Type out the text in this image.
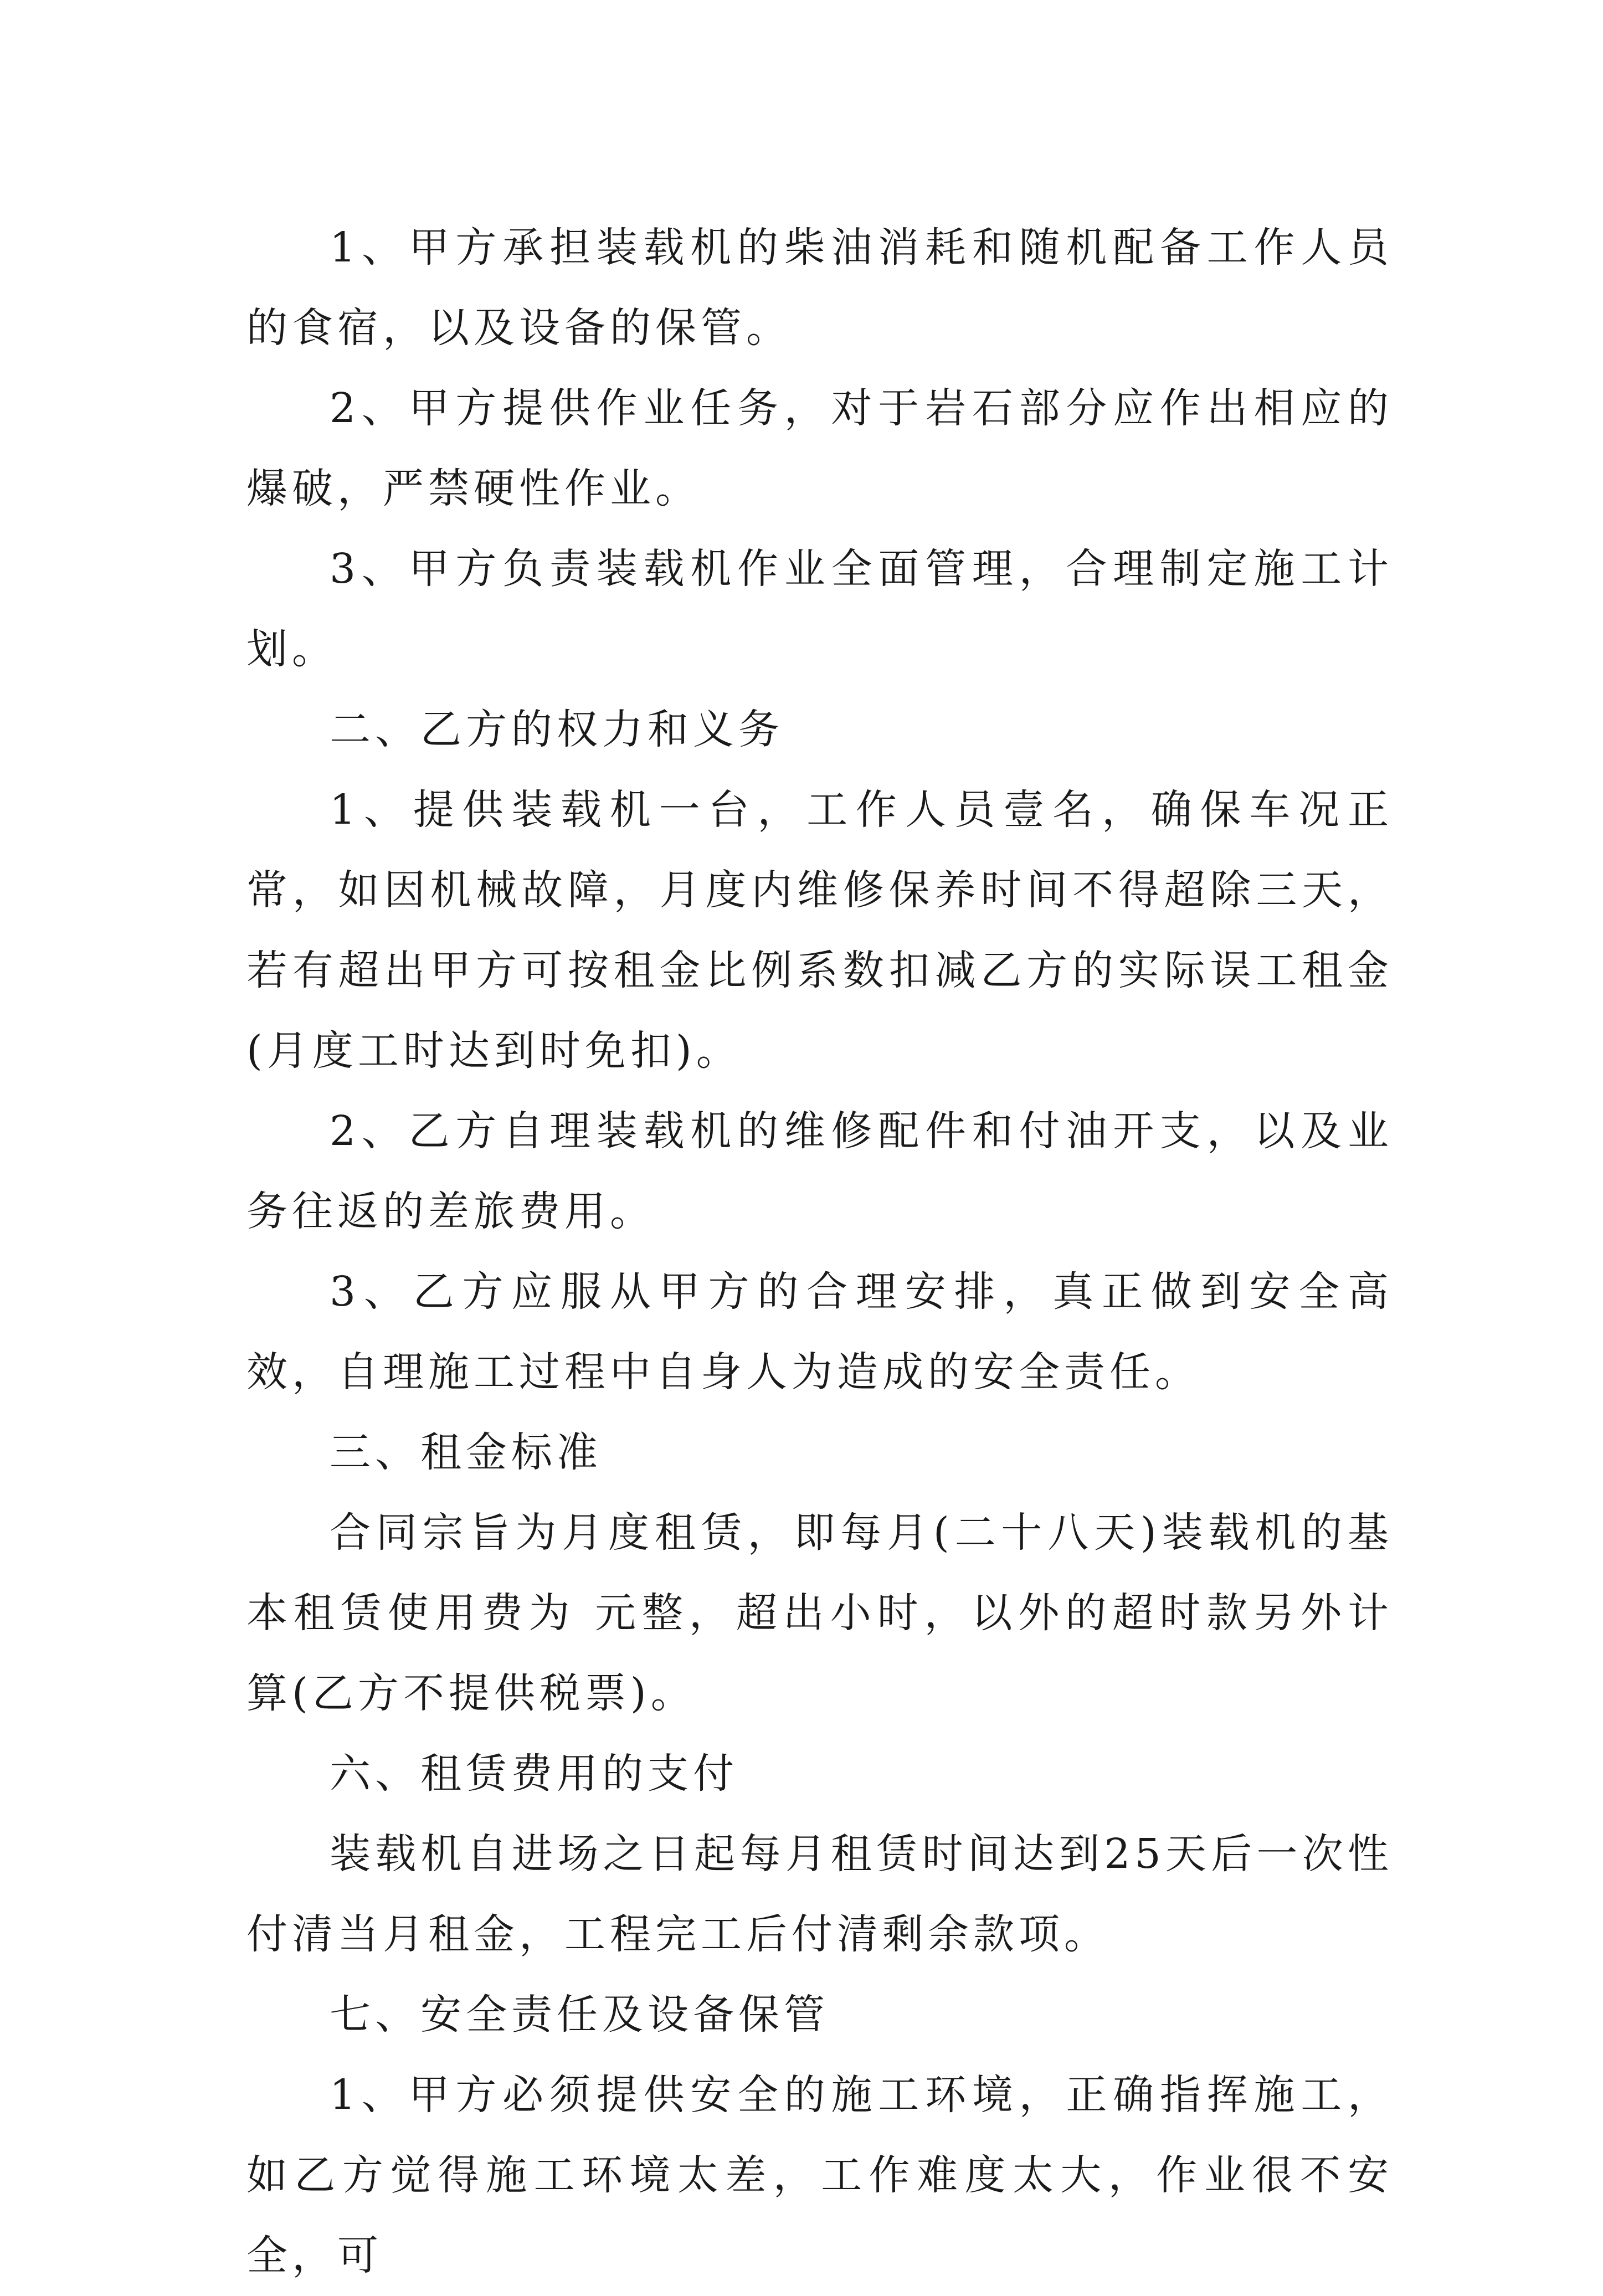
1、甲方承担装载机的柴油消耗和随机配备工作人员的食宿，以及设备的保管。

2、甲方提供作业任务，对于岩石部分应作出相应的爆破，严禁硬性作业。

3、甲方负责装载机作业全面管理，合理制定施工计划。

二、乙方的权力和义务

1、提供装载机一台，工作人员壹名，确保车况正常，如因机械故障，月度内维修保养时间不得超除三天，若有超出甲方可按租金比例系数扣减乙方的实际误工租金(月度工时达到时免扣)。

2、乙方自理装载机的维修配件和付油开支，以及业务往返的差旅费用。

3、乙方应服从甲方的合理安排，真正做到安全高效，自理施工过程中自身人为造成的安全责任。

三、租金标准

合同宗旨为月度租赁，即每月(二十八天)装载机的基本租赁使用费为 元整，超出小时，以外的超时款另外计算(乙方不提供税票)。

六、租赁费用的支付

装载机自进场之日起每月租赁时间达到25天后一次性付清当月租金，工程完工后付清剩余款项。

七、安全责任及设备保管

1、甲方必须提供安全的施工环境，正确指挥施工，如乙方觉得施工环境太差，工作难度太大，作业很不安全，可
